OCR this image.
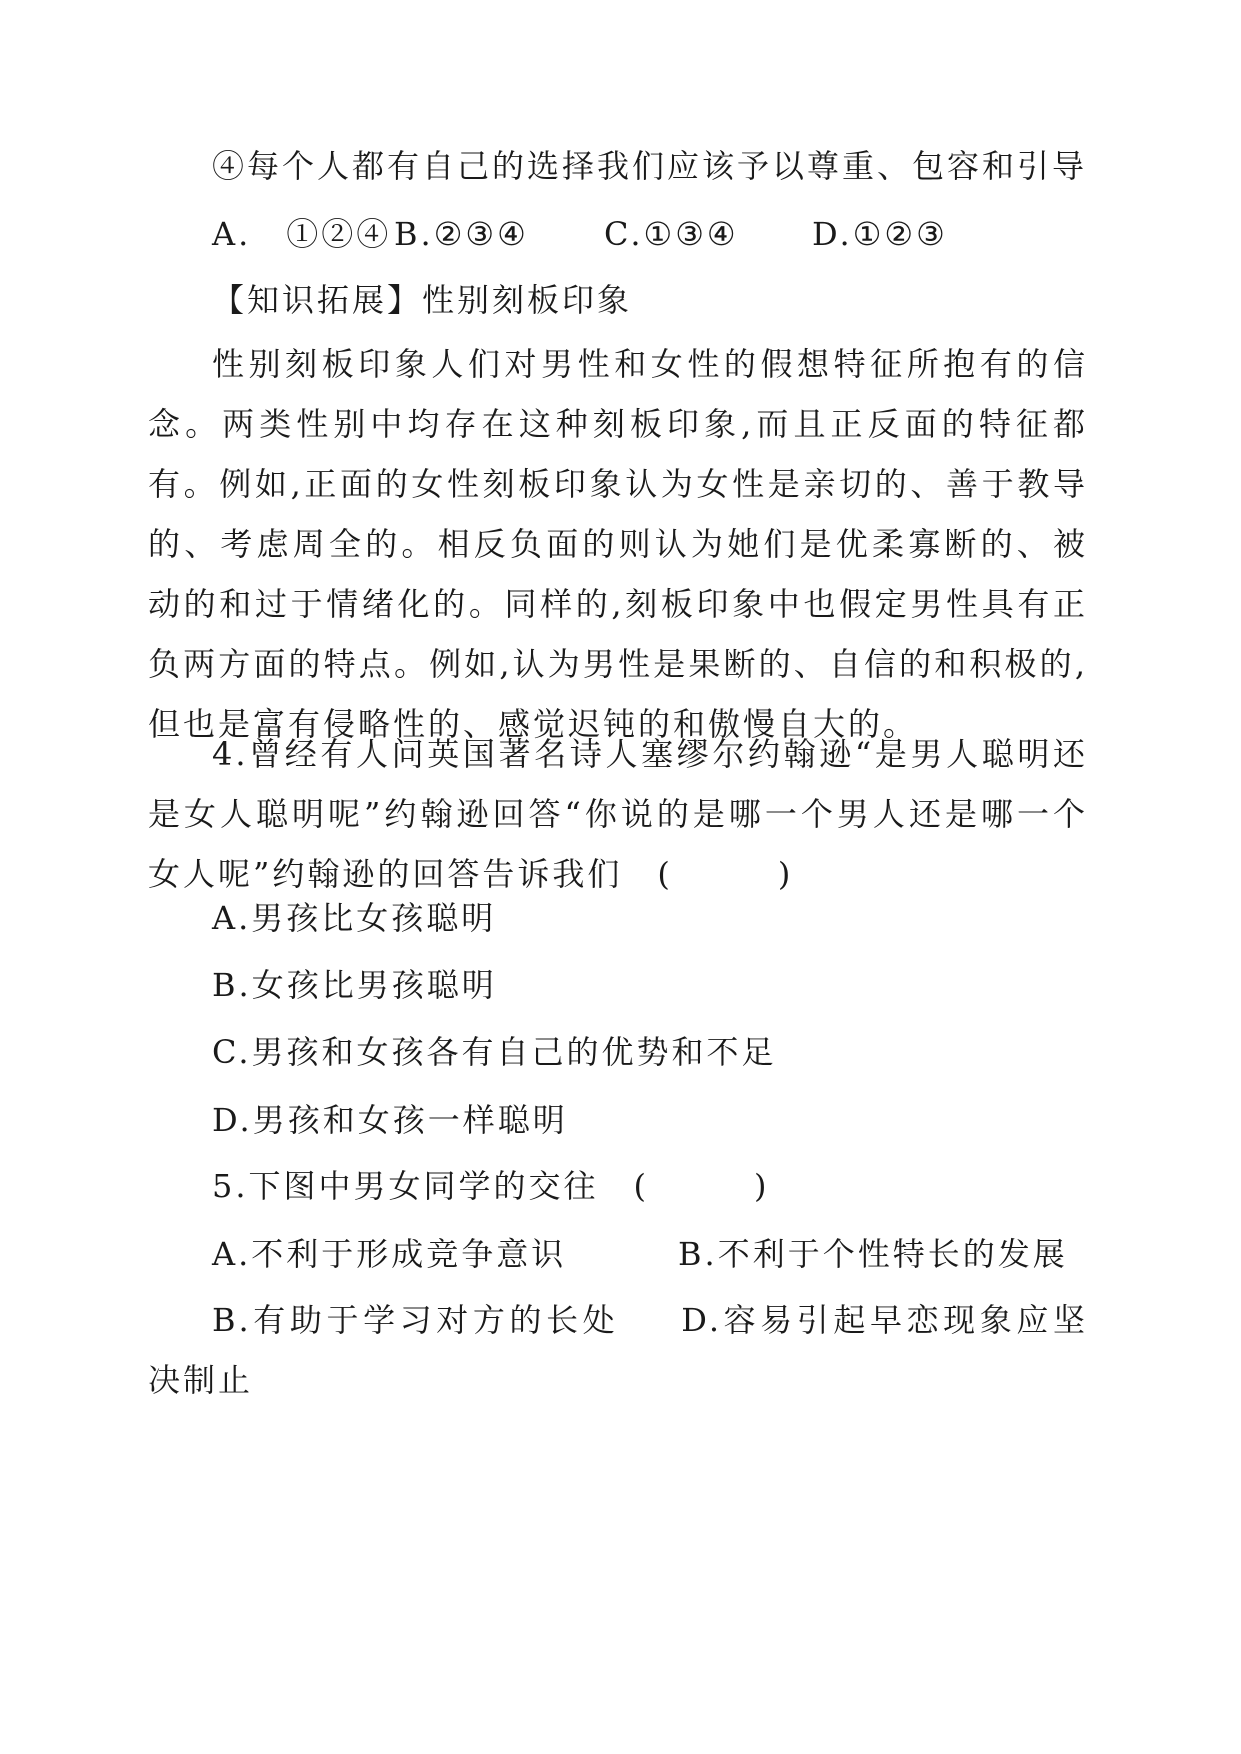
④每个人都有自己的选择我们应该予以尊重、包容和引导
A.　①②④ B.②③④ C.①③④ D.①②③
【知识拓展】性别刻板印象
性别刻板印象人们对男性和女性的假想特征所抱有的信念。两类性别中均存在这种刻板印象,而且正反面的特征都有。例如,正面的女性刻板印象认为女性是亲切的、善于教导的、考虑周全的。相反负面的则认为她们是优柔寡断的、被动的和过于情绪化的。同样的,刻板印象中也假定男性具有正负两方面的特点。例如,认为男性是果断的、自信的和积极的,但也是富有侵略性的、感觉迟钝的和傲慢自大的。
4.曾经有人问英国著名诗人塞缪尔约翰逊“是男人聪明还是女人聪明呢”约翰逊回答“你说的是哪一个男人还是哪一个女人呢”约翰逊的回答告诉我们　(　　　)
A.男孩比女孩聪明
B.女孩比男孩聪明
C.男孩和女孩各有自己的优势和不足
D.男孩和女孩一样聪明
5.下图中男女同学的交往　(　　　)
A.不利于形成竞争意识	B.不利于个性特长的发展
B.有助于学习对方的长处 D.容易引起早恋现象应坚决制止
